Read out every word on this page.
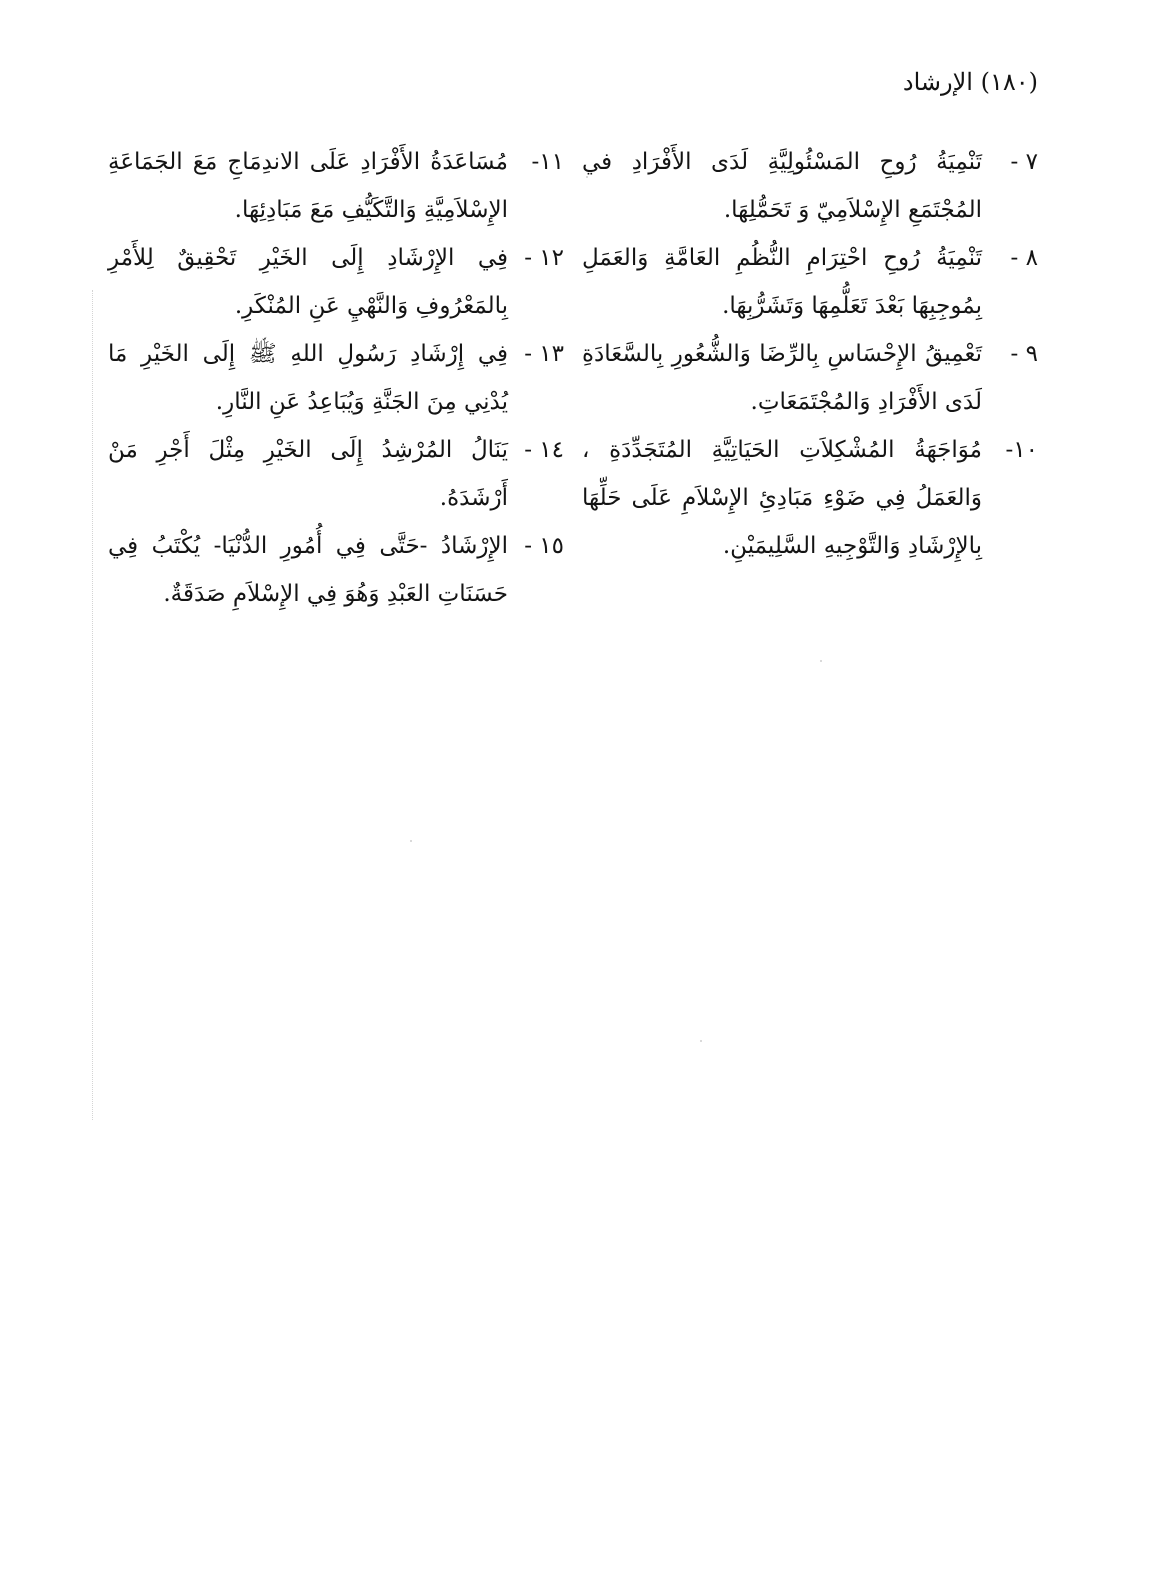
(١٨٠) الإرشاد
٧ -
تَنْمِيَةُ رُوحِ المَسْئُولِيَّةِ لَدَى الأَفْرَادِ في المُجْتَمَعِ الإِسْلاَمِيّ وَ تَحَمُّلِهَا.
٨ -
تَنْمِيَةُ رُوحِ احْتِرَامِ النُّظُمِ العَامَّةِ وَالعَمَلِ بِمُوجِبِهَا بَعْدَ تَعَلُّمِهَا وَتَشَرُّبِهَا.
٩ -
تَعْمِيقُ الإِحْسَاسِ بِالرِّضَا وَالشُّعُورِ بِالسَّعَادَةِ لَدَى الأَفْرَادِ وَالمُجْتَمَعَاتِ.
١٠-
مُوَاجَهَةُ المُشْكِلاَتِ الحَيَاتِيَّةِ المُتَجَدِّدَةِ ، وَالعَمَلُ فِي ضَوْءِ مَبَادِئِ الإِسْلاَمِ عَلَى حَلِّهَا بِالإِرْشَادِ وَالتَّوْجِيهِ السَّلِيمَيْنِ.
١١-
مُسَاعَدَةُ الأَفْرَادِ عَلَى الاندِمَاجِ مَعَ الجَمَاعَةِ الإِسْلاَمِيَّةِ وَالتَّكَيُّفِ مَعَ مَبَادِئِهَا.
١٢ -
فِي الإِرْشَادِ إِلَى الخَيْرِ تَحْقِيقٌ لِلأَمْرِ بِالمَعْرُوفِ وَالنَّهْيِ عَنِ المُنْكَرِ.
١٣ -
فِي إِرْشَادِ رَسُولِ اللهِ ﷺ إِلَى الخَيْرِ مَا يُدْنِي مِنَ الجَنَّةِ وَيُبَاعِدُ عَنِ النَّارِ.
١٤ -
يَنَالُ المُرْشِدُ إِلَى الخَيْرِ مِثْلَ أَجْرِ مَنْ أَرْشَدَهُ.
١٥ -
الإِرْشَادُ -حَتَّى فِي أُمُورِ الدُّنْيَا- يُكْتَبُ فِي حَسَنَاتِ العَبْدِ وَهُوَ فِي الإِسْلاَمِ صَدَقَةٌ.
